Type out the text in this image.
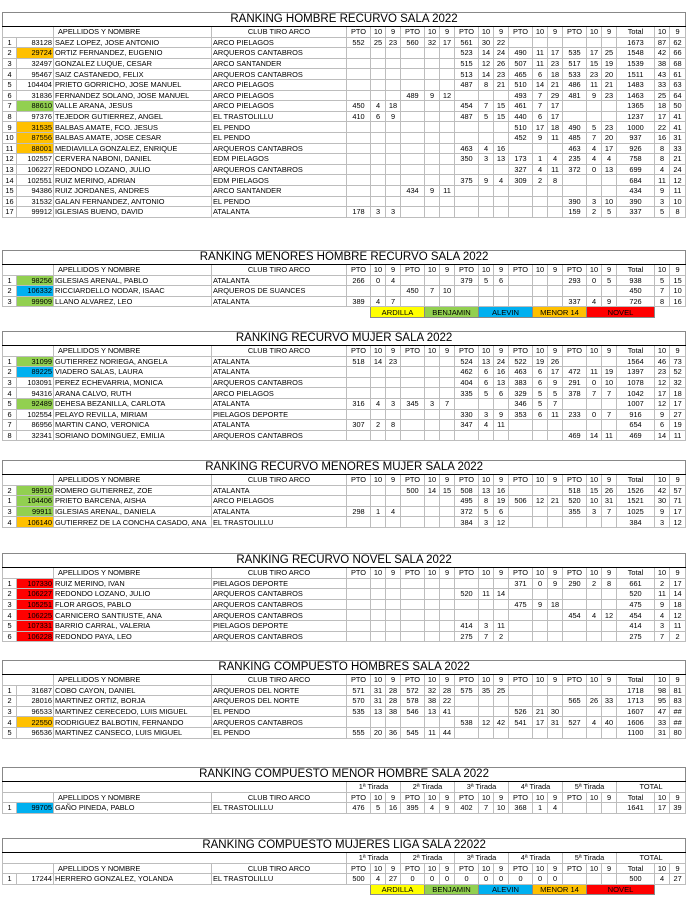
RANKING HOMBRE RECURVO SALA 2022																					
		APELLIDOS Y NOMBRE	CLUB TIRO ARCO	PTO	10	9	PTO	10	9	PTO	10	9	PTO	10	9	PTO	10	9	Total	10	9
1	83128	SAEZ LOPEZ, JOSE ANTONIO	ARCO PIELAGOS	552	25	23	560	32	17	561	30	22							1673	87	62
2	29724	ORTIZ FERNANDEZ, EUGENIO	ARQUEROS CANTABROS							523	14	24	490	11	17	535	17	25	1548	42	66
3	32497	GONZALEZ LUQUE, CESAR	ARCO SANTANDER							515	12	26	507	11	23	517	15	19	1539	38	68
4	95467	SAIZ CASTANEDO, FELIX	ARQUEROS CANTABROS							513	14	23	465	6	18	533	23	20	1511	43	61
5	104404	PRIETO GORRICHO, JOSE MANUEL	ARCO PIELAGOS							487	8	21	510	14	21	486	11	21	1483	33	63
6	31836	FERNANDEZ SOLANO, JOSE MANUEL	ARCO PIELAGOS				489	9	12				493	7	29	481	9	23	1463	25	64
7	88610	VALLE ARANA, JESUS	ARCO PIELAGOS	450	4	18				454	7	15	461	7	17				1365	18	50
8	97376	TEJEDOR GUTIERREZ, ANGEL	EL TRASTOLILLU	410	6	9				487	5	15	440	6	17				1237	17	41
9	31535	BALBAS AMATE, FCO. JESUS	EL PENDO										510	17	18	490	5	23	1000	22	41
10	87556	BALBAS AMATE, JOSE CESAR	EL PENDO										452	9	11	485	7	20	937	16	31
11	88001	MEDIAVILLA GONZALEZ, ENRIQUE	ARQUEROS CANTABROS							463	4	16				463	4	17	926	8	33
12	102557	CERVERA NABONI, DANIEL	EDM PIELAGOS							350	3	13	173	1	4	235	4	4	758	8	21
13	106227	REDONDO LOZANO, JULIO	ARQUEROS CANTABROS										327	4	11	372	0	13	699	4	24
14	102551	RUIZ MERINO, ADRIAN	EDM PIELAGOS							375	9	4	309	2	8				684	11	12
15	94386	RUIZ JORDANES, ANDRES	ARCO SANTANDER				434	9	11										434	9	11
16	31532	GALAN FERNANDEZ, ANTONIO	EL PENDO													390	3	10	390	3	10
17	99912	IGLESIAS BUENO, DAVID	ATALANTA	178	3	3										159	2	5	337	5	8
RANKING MENORES HOMBRE RECURVO SALA 2022																					
		APELLIDOS Y NOMBRE	CLUB TIRO ARCO	PTO	10	9	PTO	10	9	PTO	10	9	PTO	10	9	PTO	10	9	Total	10	9
1	98256	IGLESIAS ARENAL, PABLO	ATALANTA	266	0	4				379	5	6				293	0	5	938	5	15
2	106332	RICCIARDELLO NODAR, ISAAC	ARQUEROS DE SUANCES				450	7	10										450	7	10
3	99909	LLANO ALVAREZ, LEO	ATALANTA	389	4	7										337	4	9	726	8	16
					ARDILLA			BENJAMIN			ALEVIN			MENOR 14			NOVEL				
RANKING RECURVO MUJER SALA 2022																					
		APELLIDOS Y NOMBRE	CLUB TIRO ARCO	PTO	10	9	PTO	10	9	PTO	10	9	PTO	10	9	PTO	10	9	Total	10	9
1	31099	GUTIERREZ NORIEGA, ANGELA	ATALANTA	518	14	23				524	13	24	522	19	26				1564	46	73
2	89225	VIADERO SALAS, LAURA	ATALANTA							462	6	16	463	6	17	472	11	19	1397	23	52
3	103091	PEREZ ECHEVARRIA, MONICA	ARQUEROS CANTABROS							404	6	13	383	6	9	291	0	10	1078	12	32
4	94316	ARANA CALVO, RUTH	ARCO PIELAGOS							335	5	6	329	5	5	378	7	7	1042	17	18
5	92489	DEHESA BEZANILLA, CARLOTA	ATALANTA	316	4	3	345	3	7				346	5	7				1007	12	17
6	102554	PELAYO REVILLA, MIRIAM	PIELAGOS DEPORTE							330	3	9	353	6	11	233	0	7	916	9	27
7	86956	MARTIN CANO, VERONICA	ATALANTA	307	2	8				347	4	11							654	6	19
8	32341	SORIANO DOMINGUEZ, EMILIA	ARQUEROS CANTABROS													469	14	11	469	14	11
RANKING RECURVO MENORES MUJER SALA 2022																					
		APELLIDOS Y NOMBRE	CLUB TIRO ARCO	PTO	10	9	PTO	10	9	PTO	10	9	PTO	10	9	PTO	10	9	Total	10	9
2	99910	ROMERO GUTIERREZ, ZOE	ATALANTA				500	14	15	508	13	16				518	15	26	1526	42	57
1	104406	PRIETO BARCENA, AISHA	ARCO PIELAGOS							495	8	19	506	12	21	520	10	31	1521	30	71
3	99911	IGLESIAS ARENAL, DANIELA	ATALANTA	298	1	4				372	5	6				355	3	7	1025	9	17
4	106140	GUTIERREZ DE LA CONCHA CASADO, ANA	EL TRASTOLILLU							384	3	12							384	3	12
RANKING RECURVO NOVEL SALA 2022																					
		APELLIDOS Y NOMBRE	CLUB TIRO ARCO	PTO	10	9	PTO	10	9	PTO	10	9	PTO	10	9	PTO	10	9	Total	10	9
1	107330	RUIZ MERINO, IVAN	PIELAGOS DEPORTE										371	0	9	290	2	8	661	2	17
2	106227	REDONDO LOZANO, JULIO	ARQUEROS CANTABROS							520	11	14							520	11	14
3	105251	FLOR ARGOS, PABLO	ARQUEROS CANTABROS										475	9	18				475	9	18
4	106225	CARNICERO SANTIUSTE, ANA	ARQUEROS CANTABROS													454	4	12	454	4	12
5	107331	BARRIO CARRAL, VALERIA	PIELAGOS DEPORTE							414	3	11							414	3	11
6	106228	REDONDO PAYA, LEO	ARQUEROS CANTABROS							275	7	2							275	7	2
RANKING COMPUESTO HOMBRES SALA 2022																					
		APELLIDOS Y NOMBRE	CLUB TIRO ARCO	PTO	10	9	PTO	10	9	PTO	10	9	PTO	10	9	PTO	10	9	Total	10	9
1	31687	COBO CAYON, DANIEL	ARQUEROS DEL NORTE	571	31	28	572	32	28	575	35	25							1718	98	81
2	28016	MARTINEZ ORTIZ, BORJA	ARQUEROS DEL NORTE	570	31	28	578	38	22							565	26	33	1713	95	83
3	96533	MARTINEZ CERECEDO, LUIS MIGUEL	EL PENDO	535	13	38	546	13	41				526	21	30				1607	47	##
4	22550	RODRIGUEZ BALBOTIN, FERNANDO	ARQUEROS CANTABROS							538	12	42	541	17	31	527	4	40	1606	33	##
5	96536	MARTINEZ CANSECO, LUIS MIGUEL	EL PENDO	555	20	36	545	11	44										1100	31	80
RANKING COMPUESTO MENOR HOMBRE SALA 2022																					
				1ª Tirada			2ª Tirada			3ª Tirada			4ª Tirada			5ª Tirada			TOTAL		
		APELLIDOS Y NOMBRE	CLUB TIRO ARCO	PTO	10	9	PTO	10	9	PTO	10	9	PTO	10	9	PTO	10	9	Total	10	9
1	99705	GAÑO PINEDA, PABLO	EL TRASTOLILLU	476	5	16	395	4	9	402	7	10	368	1	4				1641	17	39
RANKING COMPUESTO MUJERES LIGA SALA 22022																					
				1ª Tirada			2ª Tirada			3ª Tirada			4ª Tirada			5ª Tirada			TOTAL		
		APELLIDOS Y NOMBRE	CLUB TIRO ARCO	PTO	10	9	PTO	10	9	PTO	10	9	PTO	10	9	PTO	10	9	Total	10	9
1	17244	HERRERO GONZALEZ, YOLANDA	EL TRASTOLILLU	500	4	27	0	0	0	0	0	0	0	0	0				500	4	27
					ARDILLA			BENJAMIN			ALEVIN			MENOR 14			NOVEL				
